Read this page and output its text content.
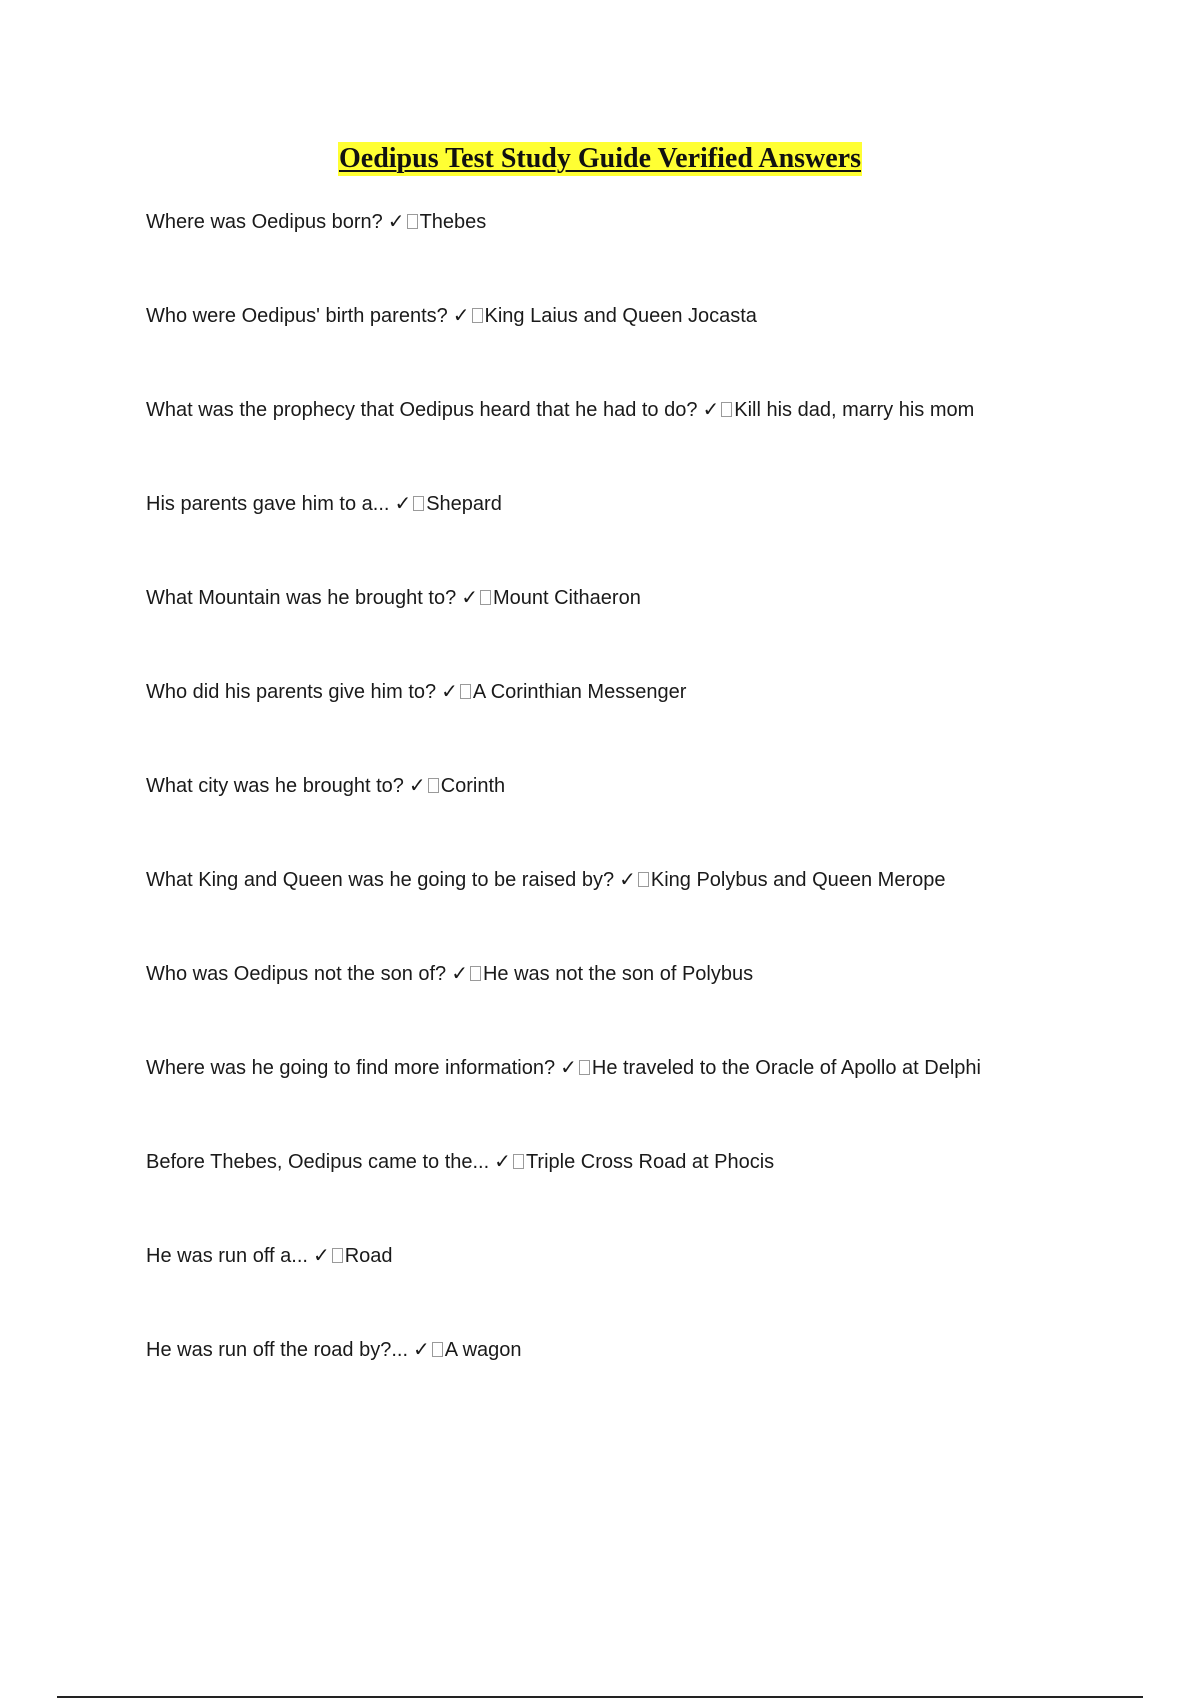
Oedipus Test Study Guide Verified Answers
Where was Oedipus born? ✓ Thebes
Who were Oedipus' birth parents? ✓ King Laius and Queen Jocasta
What was the prophecy that Oedipus heard that he had to do? ✓ Kill his dad, marry his mom
His parents gave him to a... ✓ Shepard
What Mountain was he brought to? ✓ Mount Cithaeron
Who did his parents give him to? ✓ A Corinthian Messenger
What city was he brought to? ✓ Corinth
What King and Queen was he going to be raised by? ✓ King Polybus and Queen Merope
Who was Oedipus not the son of? ✓ He was not the son of Polybus
Where was he going to find more information? ✓ He traveled to the Oracle of Apollo at Delphi
Before Thebes, Oedipus came to the... ✓ Triple Cross Road at Phocis
He was run off a... ✓ Road
He was run off the road by?... ✓ A wagon
